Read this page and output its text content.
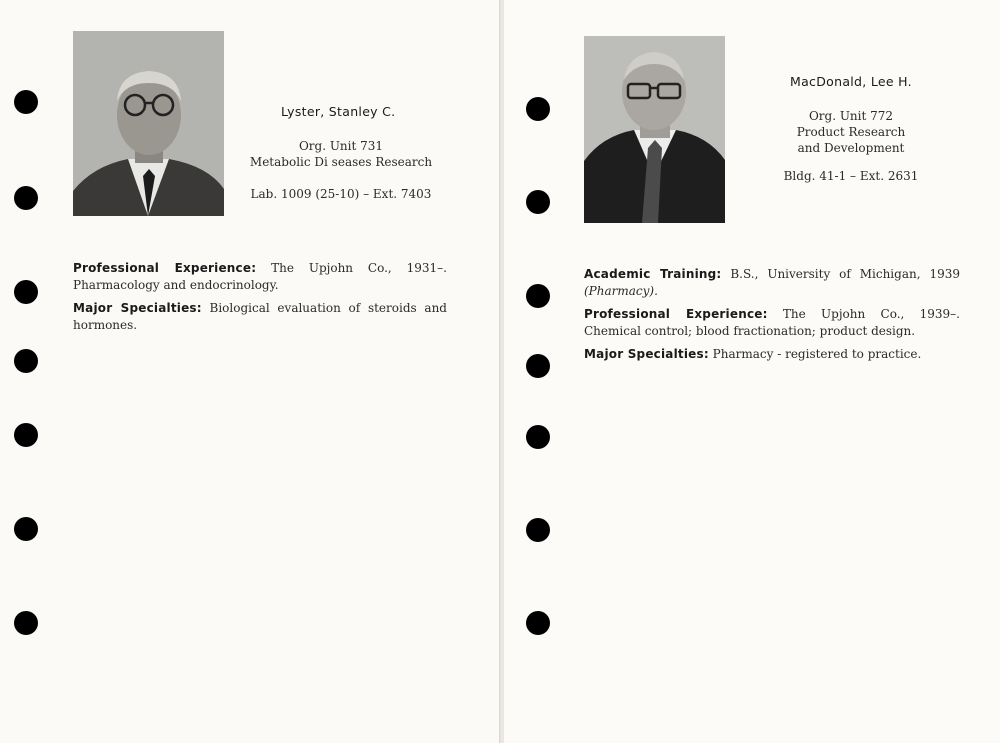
Lyster, Stanley C.
Org. Unit 731
Metabolic Di seases Research
Lab. 1009 (25-10) – Ext. 7403

Professional Experience: The Upjohn Co., 1931–. Pharmacology and endocrinology.

Major Specialties: Biological evaluation of steroids and hormones.

MacDonald, Lee H.
Org. Unit 772
Product Research
and Development
Bldg. 41-1 – Ext. 2631

Academic Training: B.S., University of Michigan, 1939 (Pharmacy).

Professional Experience: The Upjohn Co., 1939–. Chemical control; blood fractionation; product design.

Major Specialties: Pharmacy - registered to practice.
